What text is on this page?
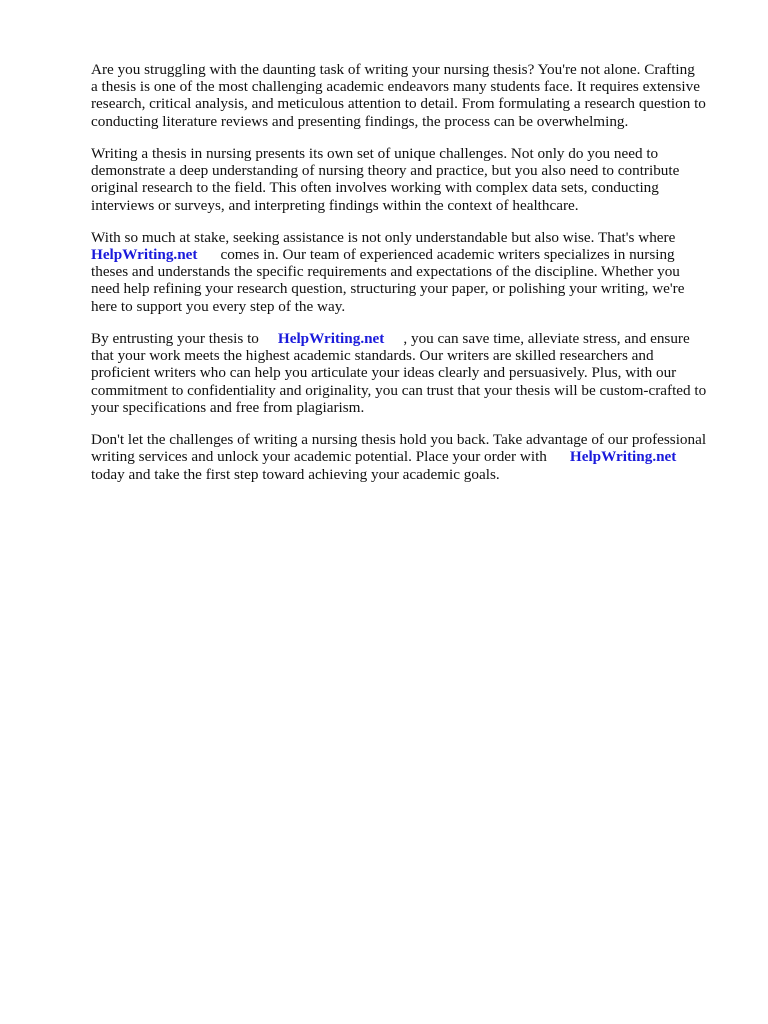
Are you struggling with the daunting task of writing your nursing thesis? You're not alone. Crafting
a thesis is one of the most challenging academic endeavors many students face. It requires extensive
research, critical analysis, and meticulous attention to detail. From formulating a research question to
conducting literature reviews and presenting findings, the process can be overwhelming.

Writing a thesis in nursing presents its own set of unique challenges. Not only do you need to
demonstrate a deep understanding of nursing theory and practice, but you also need to contribute
original research to the field. This often involves working with complex data sets, conducting
interviews or surveys, and interpreting findings within the context of healthcare.

With so much at stake, seeking assistance is not only understandable but also wise. That's where
HelpWriting.net comes in. Our team of experienced academic writers specializes in nursing
theses and understands the specific requirements and expectations of the discipline. Whether you
need help refining your research question, structuring your paper, or polishing your writing, we're
here to support you every step of the way.

By entrusting your thesis to HelpWriting.net , you can save time, alleviate stress, and ensure
that your work meets the highest academic standards. Our writers are skilled researchers and
proficient writers who can help you articulate your ideas clearly and persuasively. Plus, with our
commitment to confidentiality and originality, you can trust that your thesis will be custom-crafted to
your specifications and free from plagiarism.

Don't let the challenges of writing a nursing thesis hold you back. Take advantage of our professional
writing services and unlock your academic potential. Place your order with HelpWriting.net
today and take the first step toward achieving your academic goals.
